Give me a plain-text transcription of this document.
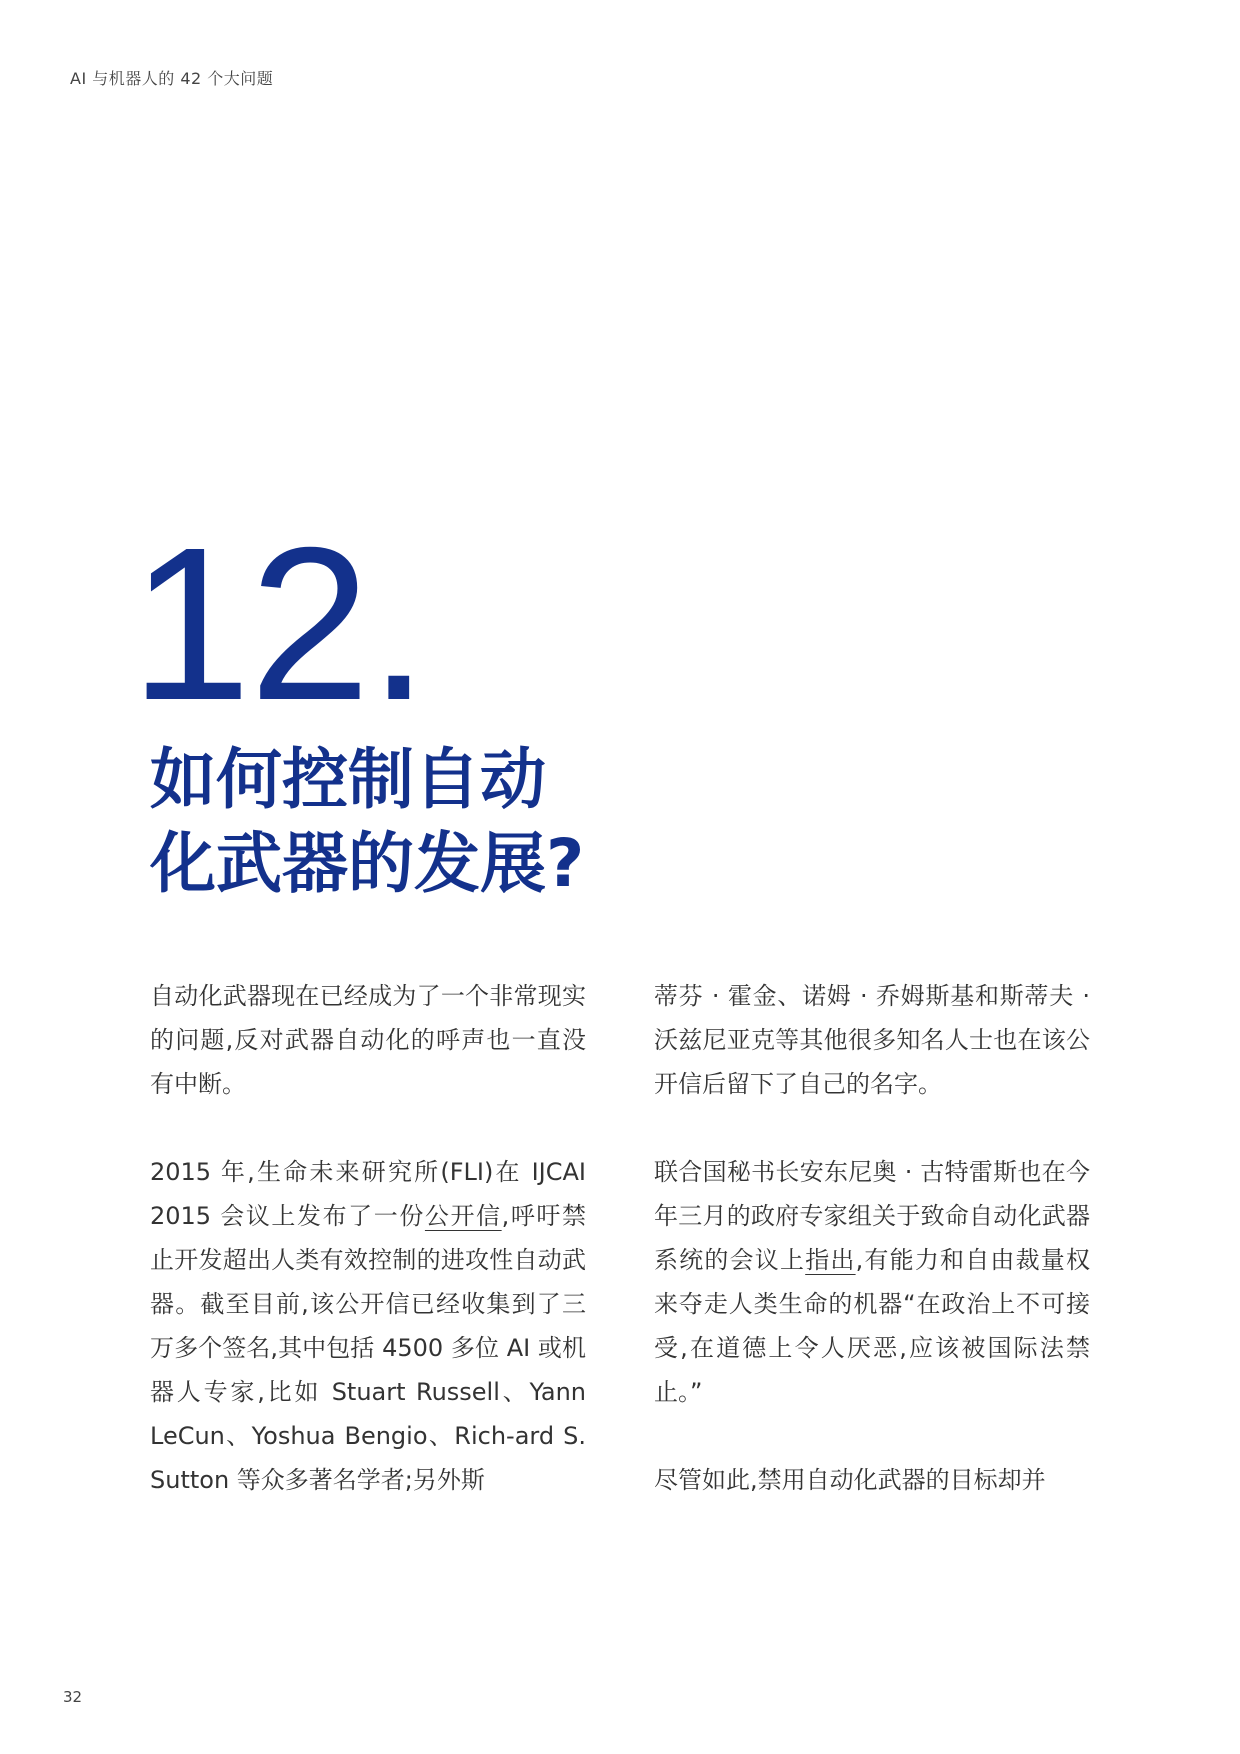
AI 与机器人的 42 个大问题
12.
如何控制自动
化武器的发展?

自动化武器现在已经成为了一个非常现实的问题,反对武器自动化的呼声也一直没有中断。

2015 年,生命未来研究所(FLI)在 IJCAI 2015 会议上发布了一份公开信,呼吁禁止开发超出人类有效控制的进攻性自动武器。截至目前,该公开信已经收集到了三万多个签名,其中包括 4500 多位 AI 或机器人专家,比如 Stuart Russell、Yann LeCun、Yoshua Bengio、Rich-ard S. Sutton 等众多著名学者;另外斯

蒂芬 · 霍金、诺姆 · 乔姆斯基和斯蒂夫 · 沃兹尼亚克等其他很多知名人士也在该公开信后留下了自己的名字。

联合国秘书长安东尼奥 · 古特雷斯也在今年三月的政府专家组关于致命自动化武器系统的会议上指出,有能力和自由裁量权来夺走人类生命的机器“在政治上不可接受,在道德上令人厌恶,应该被国际法禁止。”

尽管如此,禁用自动化武器的目标却并

32
